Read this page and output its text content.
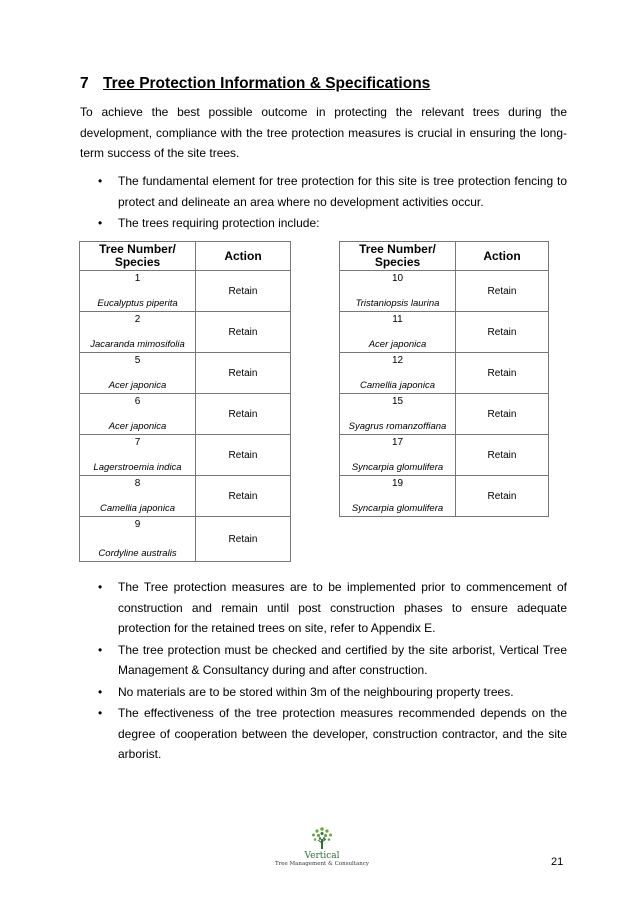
7 Tree Protection Information & Specifications
To achieve the best possible outcome in protecting the relevant trees during the development, compliance with the tree protection measures is crucial in ensuring the long-term success of the site trees.
• The fundamental element for tree protection for this site is tree protection fencing to protect and delineate an area where no development activities occur.
• The trees requiring protection include:
Tree Number/ Species	Action

1
Eucalyptus piperita	Retain

2
Jacaranda mimosifolia	Retain

5
Acer japonica	Retain

6
Acer japonica	Retain

7
Lagerstroemia indica	Retain

8
Camellia japonica	Retain

9
Cordyline australis	Retain
Tree Number/ Species	Action

10
Tristaniopsis laurina	Retain

11
Acer japonica	Retain

12
Camellia japonica	Retain

15
Syagrus romanzoffiana	Retain

17
Syncarpia glomulifera	Retain

19
Syncarpia glomulifera	Retain
• The Tree protection measures are to be implemented prior to commencement of construction and remain until post construction phases to ensure adequate protection for the retained trees on site, refer to Appendix E.
• The tree protection must be checked and certified by the site arborist, Vertical Tree Management & Consultancy during and after construction.
• No materials are to be stored within 3m of the neighbouring property trees.
• The effectiveness of the tree protection measures recommended depends on the degree of cooperation between the developer, construction contractor, and the site arborist.
Vertical
Tree Management & Consultancy	21
